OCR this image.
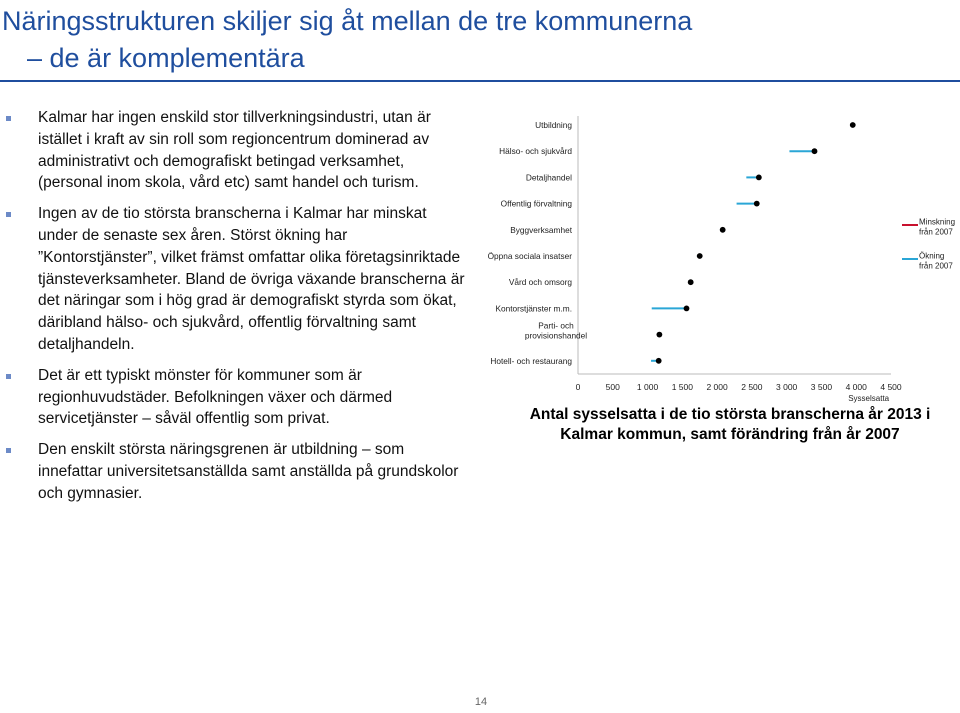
Näringsstrukturen skiljer sig åt mellan de tre kommunerna
– de är komplementära
Kalmar har ingen enskild stor tillverkningsindustri, utan är istället i kraft av sin roll som regioncentrum dominerad av administrativt och demografiskt betingad verksamhet, (personal inom skola, vård etc) samt handel och turism.
Ingen av de tio största branscherna i Kalmar har minskat under de senaste sex åren. Störst ökning har ”Kontorstjänster”, vilket främst omfattar olika företagsinriktade tjänsteverksamheter. Bland de övriga växande branscherna är det näringar som i hög grad är demografiskt styrda som ökat, däribland hälso- och sjukvård, offentlig förvaltning samt detaljhandeln.
Det är ett typiskt mönster för kommuner som är regionhuvudstäder. Befolkningen växer och därmed servicetjänster – såväl offentlig som privat.
Den enskilt största näringsgrenen är utbildning – som innefattar universitetsanställda samt anställda på grundskolor och gymnasier.
0	500 1 000 1 500 2 000 2 500 3 000 3 500 4 000 4 500
Sysselsatta
Utbildning
Hälso- och sjukvård
Detaljhandel
Offentlig förvaltning
Byggverksamhet
Öppna sociala insatser
Vård och omsorg
Kontorstjänster m.m.
Parti- och
provisionshandel
Hotell- och restaurang
Minskning
från 2007
Ökning
från 2007
Antal sysselsatta i de tio största branscherna år 2013 i
Kalmar kommun, samt förändring från år 2007
14
